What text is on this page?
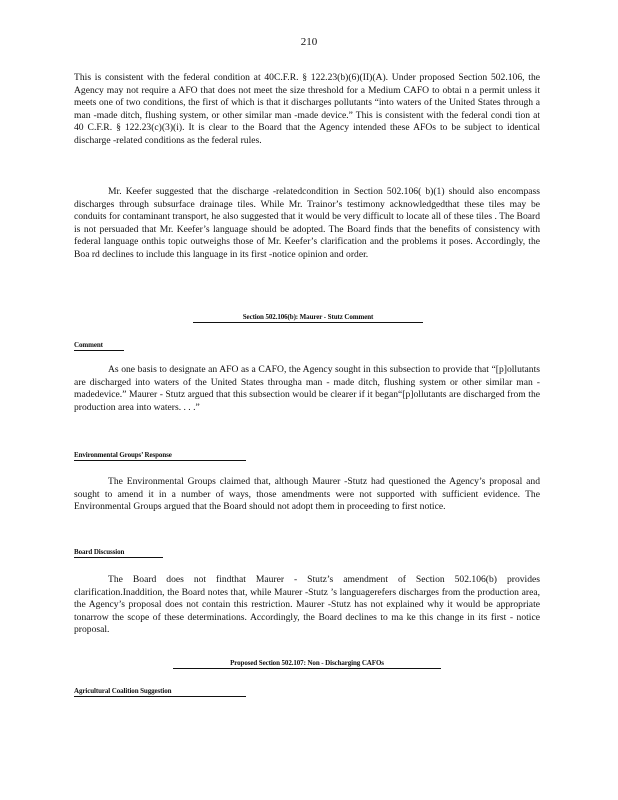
210

This is consistent with the federal condition at 40C.F.R. § 122.23(b)(6)(II)(A). Under proposed Section 502.106, the Agency may not require a AFO that does not meet the size threshold for a Medium CAFO to obtai n a permit unless it meets one of two conditions, the first of which is that it discharges pollutants “into waters of the United States through a man -made ditch, flushing system, or other similar man -made device.” This is consistent with the federal condi tion at 40 C.F.R. § 122.23(c)(3)(i). It is clear to the Board that the Agency intended these AFOs to be subject to identical discharge -related conditions as the federal rules.

Mr. Keefer suggested that the discharge -relatedcondition in Section 502.106( b)(1) should also encompass discharges through subsurface drainage tiles. While Mr. Trainor’s testimony acknowledgedthat these tiles may be conduits for contaminant transport, he also suggested that it would be very difficult to locate all of these tiles . The Board is not persuaded that Mr. Keefer’s language should be adopted. The Board finds that the benefits of consistency with federal language onthis topic outweighs those of Mr. Keefer’s clarification and the problems it poses. Accordingly, the Boa rd declines to include this language in its first -notice opinion and order.

Section 502.106(b): Maurer - Stutz Comment
Comment

As one basis to designate an AFO as a CAFO, the Agency sought in this subsection to provide that “[p]ollutants are discharged into waters of the United States througha man - made ditch, flushing system or other similar man -madedevice.” Maurer - Stutz argued that this subsection would be clearer if it began“[p]ollutants are discharged from the production area into waters. . . .”

Environmental Groups’ Response

The Environmental Groups claimed that, although Maurer -Stutz had questioned the Agency’s proposal and sought to amend it in a number of ways, those amendments were not supported with sufficient evidence. The Environmental Groups argued that the Board should not adopt them in proceeding to first notice.

Board Discussion

The Board does not findthat Maurer - Stutz’s amendment of Section 502.106(b) provides clarification.Inaddition, the Board notes that, while Maurer -Stutz ’s languagerefers discharges from the production area, the Agency’s proposal does not contain this restriction. Maurer -Stutz has not explained why it would be appropriate tonarrow the scope of these determinations. Accordingly, the Board declines to ma ke this change in its first - notice proposal.

Proposed Section 502.107: Non - Discharging CAFOs
Agricultural Coalition Suggestion
